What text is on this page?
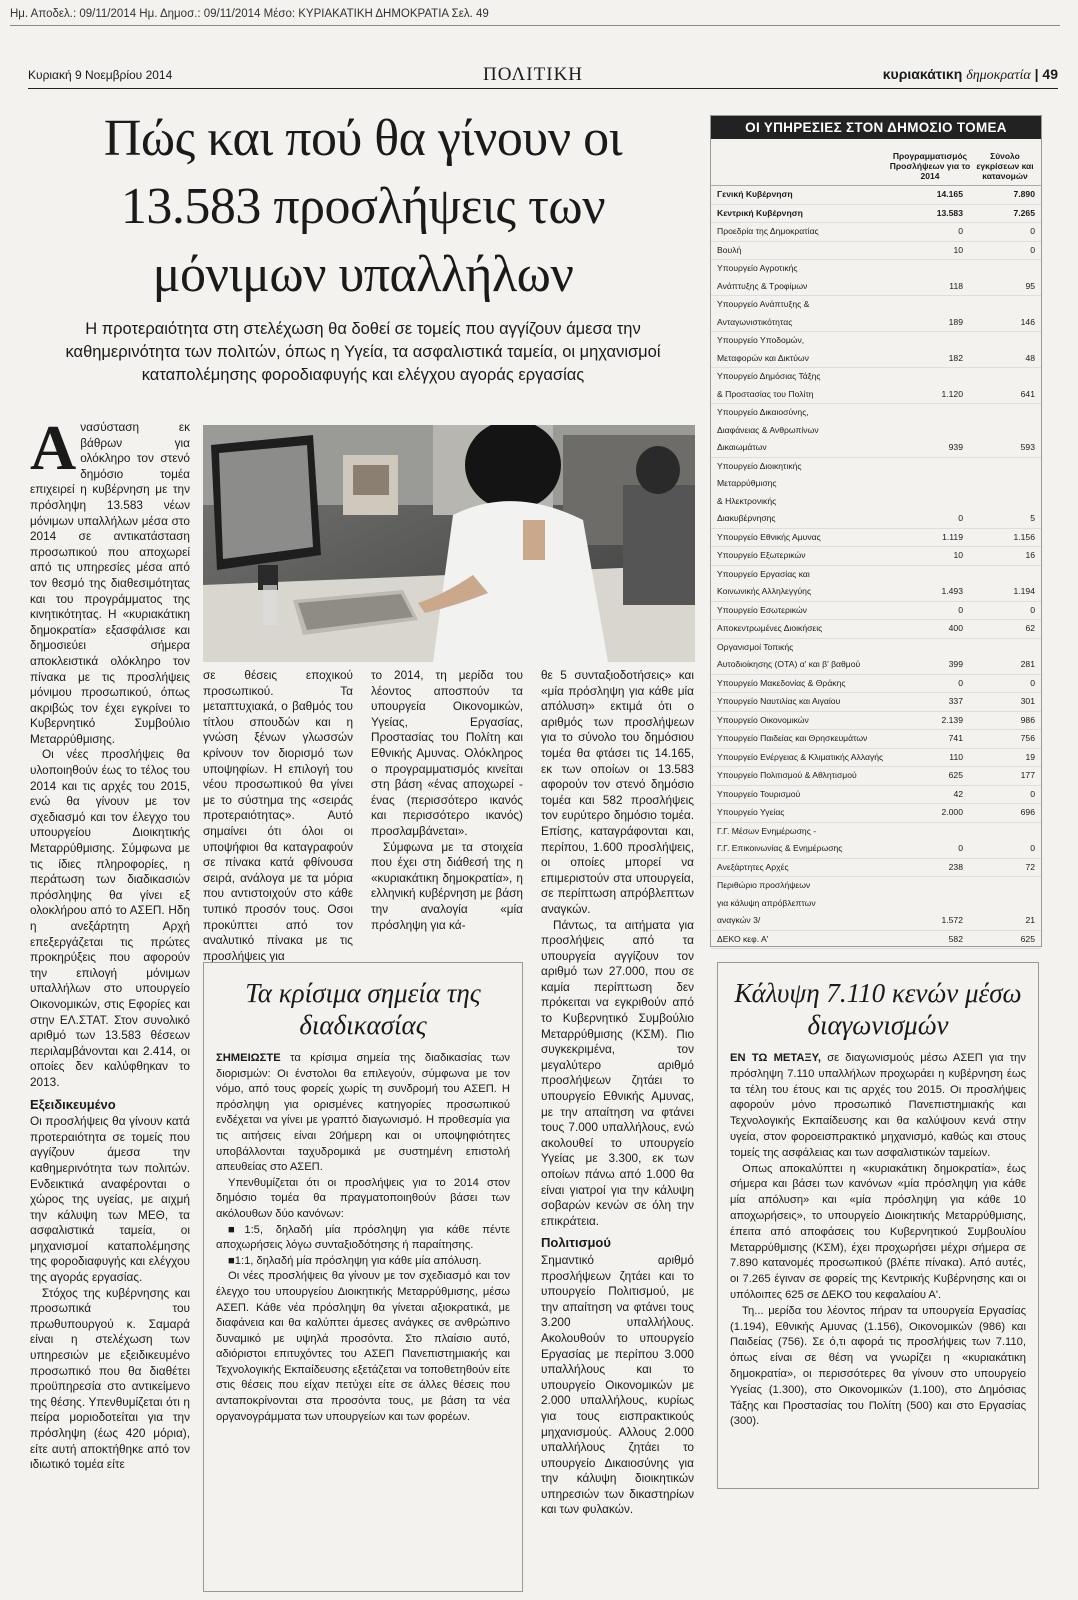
Ημ. Αποδελ.: 09/11/2014 Ημ. Δημοσ.: 09/11/2014 Μέσο: ΚΥΡΙΑΚΑΤΙΚΗ ΔΗΜΟΚΡΑΤΙΑ Σελ. 49
Κυριακή 9 Νοεμβρίου 2014	ΠΟΛΙΤΙΚΗ	κυριακάτικη δημοκρατία | 49
Πώς και πού θα γίνουν οι 13.583 προσλήψεις των μόνιμων υπαλλήλων

Η προτεραιότητα στη στελέχωση θα δοθεί σε τομείς που αγγίζουν άμεσα την καθημερινότητα των πολιτών, όπως η Υγεία, τα ασφαλιστικά ταμεία, οι μηχανισμοί καταπολέμησης φοροδιαφυγής και ελέγχου αγοράς εργασίας

Α νασύσταση εκ βάθρων για ολόκληρο τον στενό δημόσιο τομέα επιχειρεί η κυβέρνηση με την πρόσληψη 13.583 νέων μόνιμων υπαλλήλων μέσα στο 2014 σε αντικατάσταση προσωπικού που αποχωρεί από τις υπηρεσίες μέσα από τον θεσμό της διαθεσιμότητας και του προγράμματος της κινητικότητας. Η «κυριακάτικη δημοκρατία» εξασφάλισε και δημοσιεύει σήμερα αποκλειστικά ολόκληρο τον πίνακα με τις προσλήψεις μόνιμου προσωπικού, όπως ακριβώς τον έχει εγκρίνει το Κυβερνητικό Συμβούλιο Μεταρρύθμισης.

Οι νέες προσλήψεις θα υλοποιηθούν έως το τέλος του 2014 και τις αρχές του 2015, ενώ θα γίνουν με τον σχεδιασμό και τον έλεγχο του υπουργείου Διοικητικής Μεταρρύθμισης. Σύμφωνα με τις ίδιες πληροφορίες, η περάτωση των διαδικασιών πρόσληψης θα γίνει εξ ολοκλήρου από το ΑΣΕΠ. Ηδη η ανεξάρτητη Αρχή επεξεργάζεται τις πρώτες προκηρύξεις που αφορούν την επιλογή μόνιμων υπαλλήλων στο υπουργείο Οικονομικών, στις Εφορίες και στην ΕΛ.ΣΤΑΤ. Στον συνολικό αριθμό των 13.583 θέσεων περιλαμβάνονται και 2.414, οι οποίες δεν καλύφθηκαν το 2013.

Εξειδικευμένο

Οι προσλήψεις θα γίνουν κατά προτεραιότητα σε τομείς που αγγίζουν άμεσα την καθημερινότητα των πολιτών. Ενδεικτικά αναφέρονται ο χώρος της υγείας, με αιχμή την κάλυψη των ΜΕΘ, τα ασφαλιστικά ταμεία, οι μηχανισμοί καταπολέμησης της φοροδιαφυγής και ελέγχου της αγοράς εργασίας.

Στόχος της κυβέρνησης και προσωπικά του πρωθυπουργού κ. Σαμαρά είναι η στελέχωση των υπηρεσιών με εξειδικευμένο προσωπικό που θα διαθέτει προϋπηρεσία στο αντικείμενο της θέσης. Υπενθυμίζεται ότι η πείρα μοριοδοτείται για την πρόσληψη (έως 420 μόρια), είτε αυτή αποκτήθηκε από τον ιδιωτικό τομέα είτε

σε θέσεις εποχικού προσωπικού. Τα μεταπτυχιακά, ο βαθμός του τίτλου σπουδών και η γνώση ξένων γλωσσών κρίνουν τον διορισμό των υποψηφίων. Η επιλογή του νέου προσωπικού θα γίνει με το σύστημα της «σειράς προτεραιότητας». Αυτό σημαίνει ότι όλοι οι υποψήφιοι θα καταγραφούν σε πίνακα κατά φθίνουσα σειρά, ανάλογα με τα μόρια που αντιστοιχούν στο κάθε τυπικό προσόν τους. Οσοι προκύπτει από τον αναλυτικό πίνακα με τις προσλήψεις για

το 2014, τη μερίδα του λέοντος αποσπούν τα υπουργεία Οικονομικών, Υγείας, Εργασίας, Προστασίας του Πολίτη και Εθνικής Αμυνας. Ολόκληρος ο προγραμματισμός κινείται στη βάση «ένας αποχωρεί - ένας (περισσότερο ικανός και περισσότερο ικανός) προσλαμβάνεται».

Σύμφωνα με τα στοιχεία που έχει στη διάθεσή της η «κυριακάτικη δημοκρατία», η ελληνική κυβέρνηση με βάση την αναλογία «μία πρόσληψη για κά-

θε 5 συνταξιοδοτήσεις» και «μία πρόσληψη για κάθε μία απόλυση» εκτιμά ότι ο αριθμός των προσλήψεων για το σύνολο του δημόσιου τομέα θα φτάσει τις 14.165, εκ των οποίων οι 13.583 αφορούν τον στενό δημόσιο τομέα και 582 προσλήψεις τον ευρύτερο δημόσιο τομέα. Επίσης, καταγράφονται και, περίπου, 1.600 προσλήψεις, οι οποίες μπορεί να επιμεριστούν στα υπουργεία, σε περίπτωση απρόβλεπτων αναγκών.

Πάντως, τα αιτήματα για προσλήψεις από τα υπουργεία αγγίζουν τον αριθμό των 27.000, που σε καμία περίπτωση δεν πρόκειται να εγκριθούν από το Κυβερνητικό Συμβούλιο Μεταρρύθμισης (ΚΣΜ). Πιο συγκεκριμένα, τον μεγαλύτερο αριθμό προσλήψεων ζητάει το υπουργείο Εθνικής Αμυνας, με την απαίτηση να φτάνει τους 7.000 υπαλλήλους, ενώ ακολουθεί το υπουργείο Υγείας με 3.300, εκ των οποίων πάνω από 1.000 θα είναι γιατροί για την κάλυψη σοβαρών κενών σε όλη την επικράτεια.

Πολιτισμού

Σημαντικό αριθμό προσλήψεων ζητάει και το υπουργείο Πολιτισμού, με την απαίτηση να φτάνει τους 3.200 υπαλλήλους. Ακολουθούν το υπουργείο Εργασίας με περίπου 3.000 υπαλλήλους και το υπουργείο Οικονομικών με 2.000 υπαλλήλους, κυρίως για τους εισπρακτικούς μηχανισμούς. Αλλους 2.000 υπαλλήλους ζητάει το υπουργείο Δικαιοσύνης για την κάλυψη διοικητικών υπηρεσιών των δικαστηρίων και των φυλακών.

Τα κρίσιμα σημεία της διαδικασίας

ΣΗΜΕΙΩΣΤΕ τα κρίσιμα σημεία της διαδικασίας των διορισμών: Οι ένστολοι θα επιλεγούν, σύμφωνα με τον νόμο, από τους φορείς χωρίς τη συνδρομή του ΑΣΕΠ. Η πρόσληψη για ορισμένες κατηγορίες προσωπικού ενδέχεται να γίνει με γραπτό διαγωνισμό. Η προθεσμία για τις αιτήσεις είναι 20ήμερη και οι υποψηφιότητες υποβάλλονται ταχυδρομικά με συστημένη επιστολή απευθείας στο ΑΣΕΠ.

Υπενθυμίζεται ότι οι προσλήψεις για το 2014 στον δημόσιο τομέα θα πραγματοποιηθούν βάσει των ακόλουθων δύο κανόνων:

■1:5, δηλαδή μία πρόσληψη για κάθε πέντε αποχωρήσεις λόγω συνταξιοδότησης ή παραίτησης.

■1:1, δηλαδή μία πρόσληψη για κάθε μία απόλυση.

Οι νέες προσλήψεις θα γίνουν με τον σχεδιασμό και τον έλεγχο του υπουργείου Διοικητικής Μεταρρύθμισης, μέσω ΑΣΕΠ. Κάθε νέα πρόσληψη θα γίνεται αξιοκρατικά, με διαφάνεια και θα καλύπτει άμεσες ανάγκες σε ανθρώπινο δυναμικό με υψηλά προσόντα. Στο πλαίσιο αυτό, αδιόριστοι επιτυχόντες του ΑΣΕΠ Πανεπιστημιακής και Τεχνολογικής Εκπαίδευσης εξετάζεται να τοποθετηθούν είτε στις θέσεις που είχαν πετύχει είτε σε άλλες θέσεις που ανταποκρίνονται στα προσόντα τους, με βάση τα νέα οργανογράμματα των υπουργείων και των φορέων.

Κάλυψη 7.110 κενών μέσω διαγωνισμών

ΕΝ ΤΩ ΜΕΤΑΞΥ, σε διαγωνισμούς μέσω ΑΣΕΠ για την πρόσληψη 7.110 υπαλλήλων προχωράει η κυβέρνηση έως τα τέλη του έτους και τις αρχές του 2015. Οι προσλήψεις αφορούν μόνο προσωπικό Πανεπιστημιακής και Τεχνολογικής Εκπαίδευσης και θα καλύψουν κενά στην υγεία, στον φοροεισπρακτικό μηχανισμό, καθώς και στους τομείς της ασφάλειας και των ασφαλιστικών ταμείων.

Οπως αποκαλύπτει η «κυριακάτικη δημοκρατία», έως σήμερα και βάσει των κανόνων «μία πρόσληψη για κάθε μία απόλυση» και «μία πρόσληψη για κάθε 10 αποχωρήσεις», το υπουργείο Διοικητικής Μεταρρύθμισης, έπειτα από αποφάσεις του Κυβερνητικού Συμβουλίου Μεταρρύθμισης (ΚΣΜ), έχει προχωρήσει μέχρι σήμερα σε 7.890 κατανομές προσωπικού (βλέπε πίνακα). Από αυτές, οι 7.265 έγιναν σε φορείς της Κεντρικής Κυβέρνησης και οι υπόλοιπες 625 σε ΔΕΚΟ του κεφαλαίου Α'.

Τη... μερίδα του λέοντος πήραν τα υπουργεία Εργασίας (1.194), Εθνικής Αμυνας (1.156), Οικονομικών (986) και Παιδείας (756). Σε ό,τι αφορά τις προσλήψεις των 7.110, όπως είναι σε θέση να γνωρίζει η «κυριακάτικη δημοκρατία», οι περισσότερες θα γίνουν στο υπουργείο Υγείας (1.300), στο Οικονομικών (1.100), στο Δημόσιας Τάξης και Προστασίας του Πολίτη (500) και στο Εργασίας (300).

ΟΙ ΥΠΗΡΕΣΙΕΣ ΣΤΟΝ ΔΗΜΟΣΙΟ ΤΟΜΕΑ
Προγραμματισμός Προσλήψεων για το 2014
Σύνολο εγκρίσεων και κατανομών
Γενική Κυβέρνηση	14.165	7.890
Κεντρική Κυβέρνηση	13.583	7.265
Προεδρία της Δημοκρατίας	0	0
Βουλή	10	0
Υπουργείο Αγροτικής
Ανάπτυξης & Τροφίμων	118	95
Υπουργείο Ανάπτυξης &
Ανταγωνιστικότητας	189	146
Υπουργείο Υποδομών,
Μεταφορών και Δικτύων	182	48
Υπουργείο Δημόσιας Τάξης
& Προστασίας του Πολίτη	1.120	641
Υπουργείο Δικαιοσύνης,
Διαφάνειας & Ανθρωπίνων
Δικαιωμάτων	939	593
Υπουργείο Διοικητικής
Μεταρρύθμισης
& Ηλεκτρονικής
Διακυβέρνησης	0	5
Υπουργείο Εθνικής Αμυνας	1.119	1.156
Υπουργείο Εξωτερικών	10	16
Υπουργείο Εργασίας και
Κοινωνικής Αλληλεγγύης	1.493	1.194
Υπουργείο Εσωτερικών	0	0
Αποκεντρωμένες Διοικήσεις	400	62
Οργανισμοί Τοπικής
Αυτοδιοίκησης (ΟΤΑ) α' και β' βαθμού	399	281
Υπουργείο Μακεδονίας & Θράκης	0	0
Υπουργείο Ναυτιλίας και Αιγαίου	337	301
Υπουργείο Οικονομικών	2.139	986
Υπουργείο Παιδείας και Θρησκευμάτων	741	756
Υπουργείο Ενέργειας & Κλιματικής Αλλαγής	110	19
Υπουργείο Πολιτισμού & Αθλητισμού	625	177
Υπουργείο Τουρισμού	42	0
Υπουργείο Υγείας	2.000	696
Γ.Γ. Μέσων Ενημέρωσης -
Γ.Γ. Επικοινωνίας & Ενημέρωσης	0	0
Ανεξάρτητες Αρχές	238	72
Περιθώριο προσλήψεων
για κάλυψη απρόβλεπτων
αναγκών 3/	1.572	21
ΔΕΚΟ κεφ. Α'	582	625
